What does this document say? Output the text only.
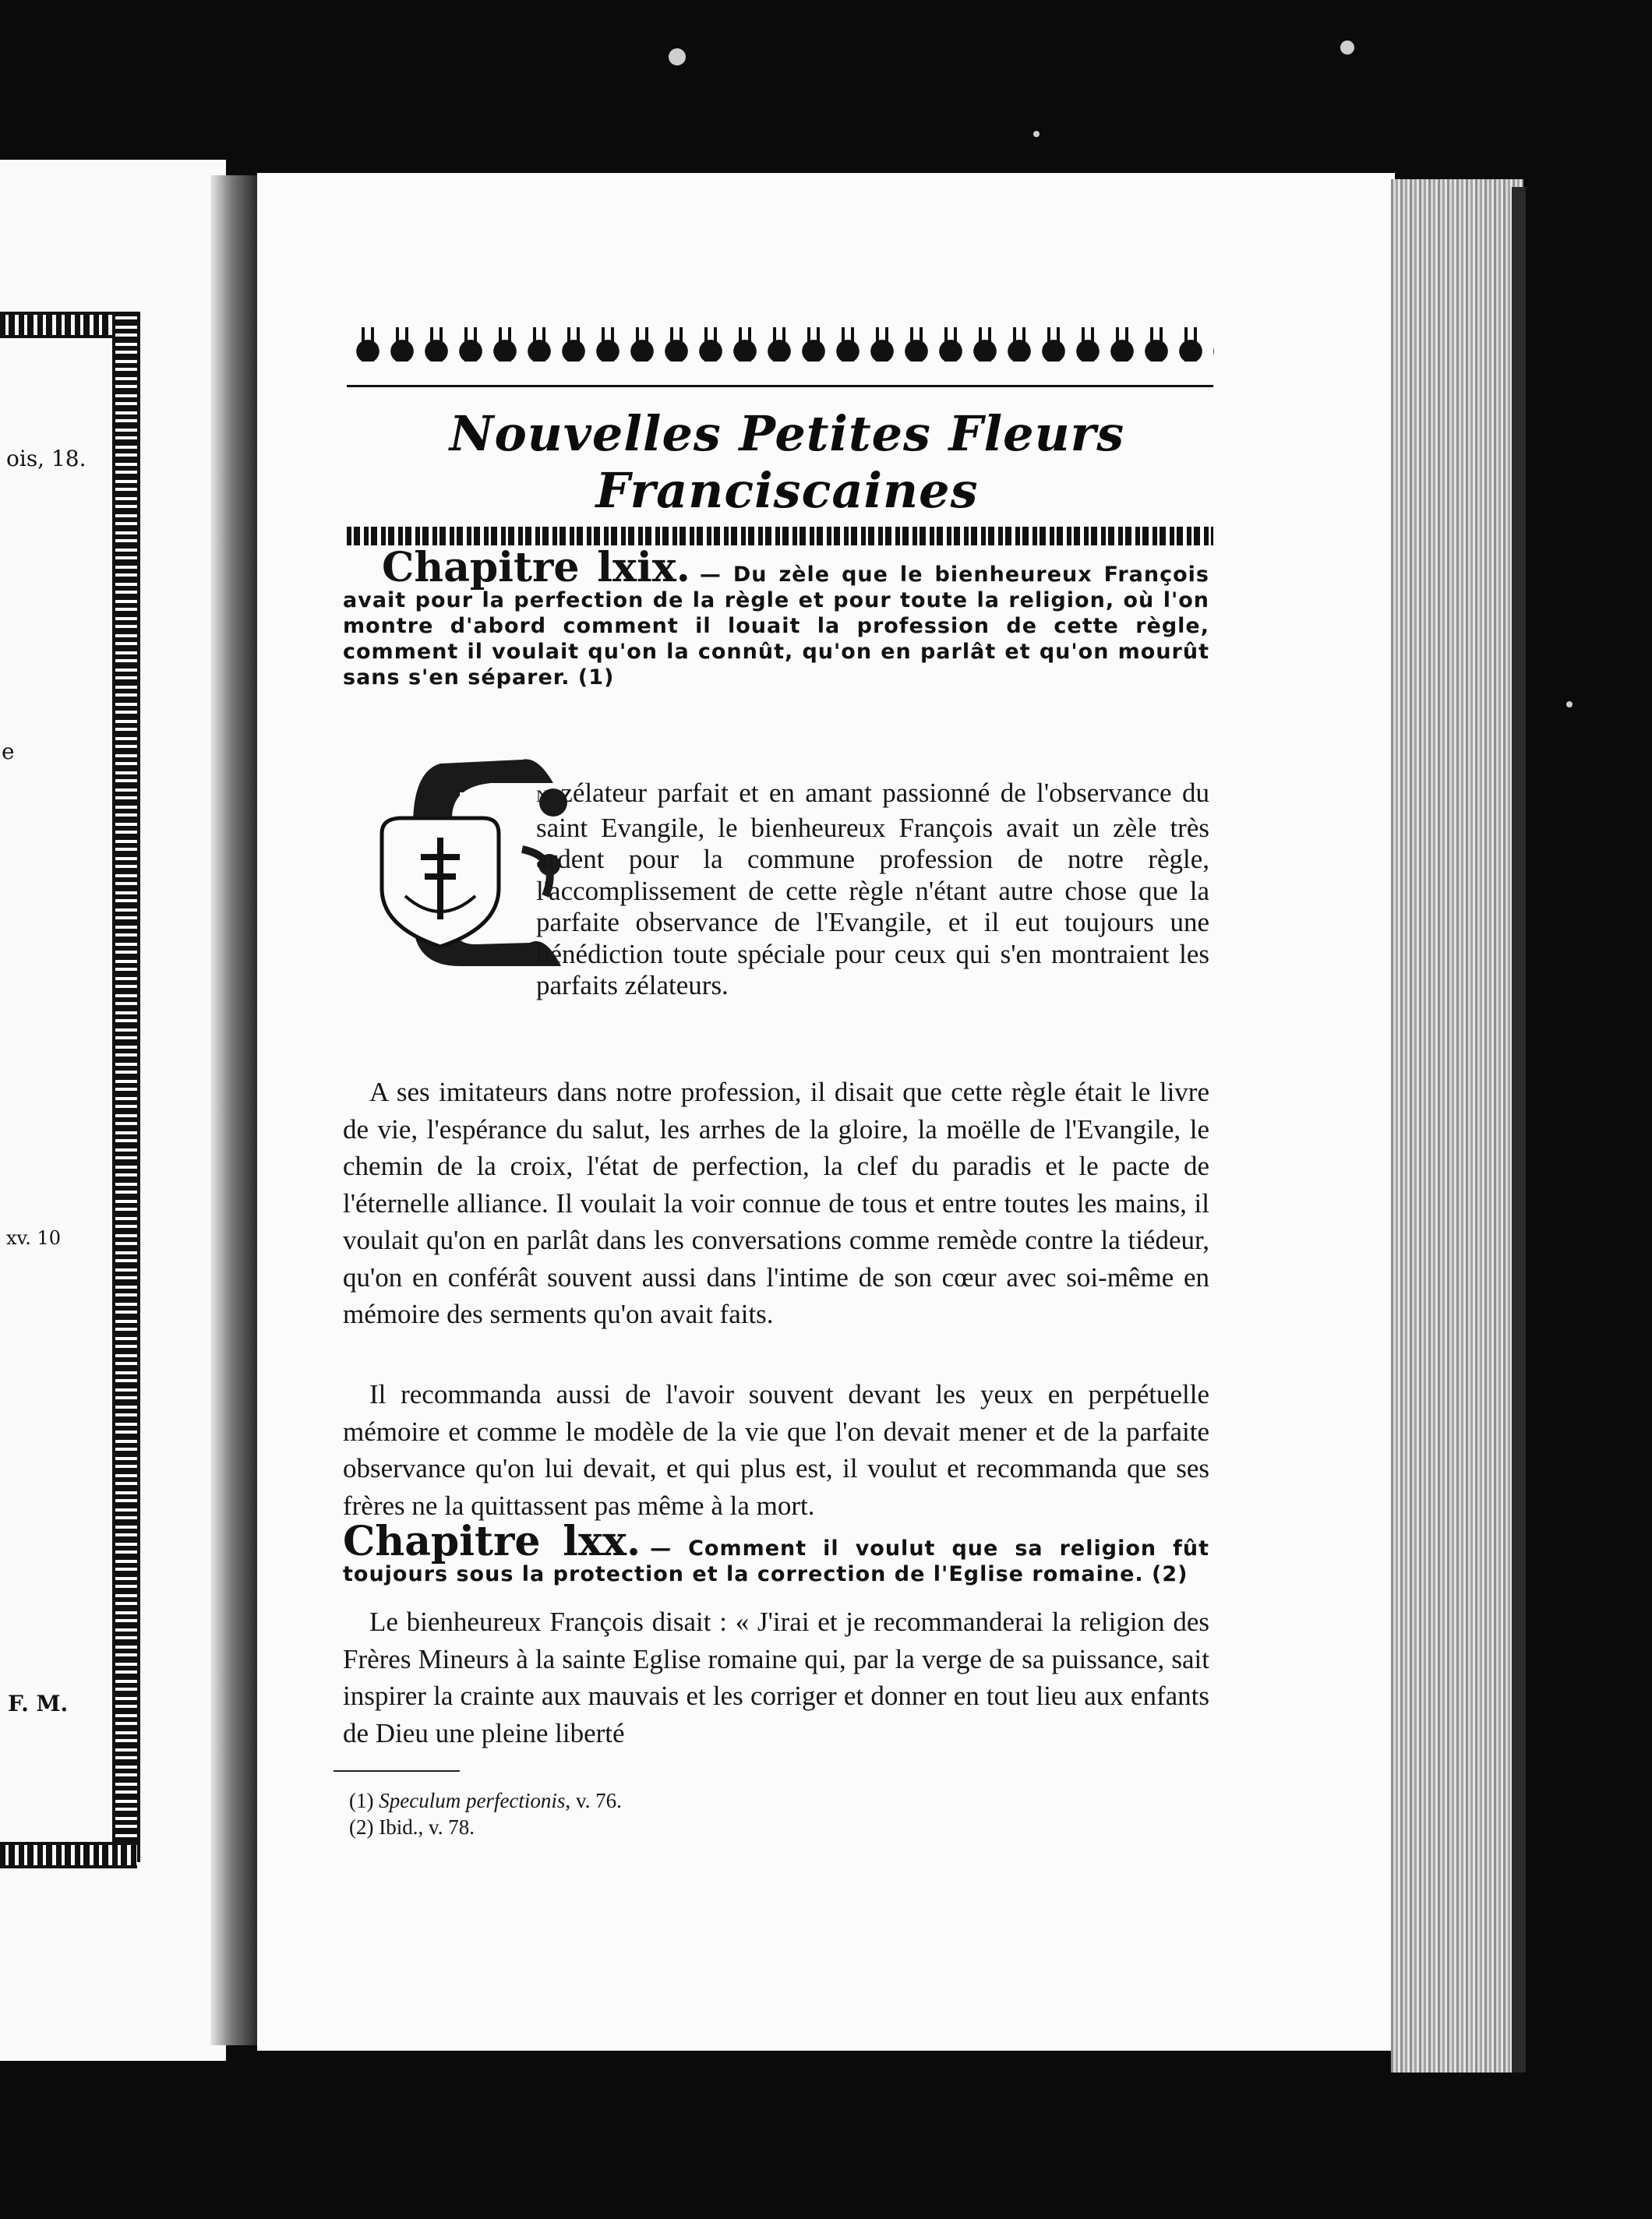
ois, 18.
e
xv. 10
F. M.
Nouvelles Petites Fleurs Franciscaines
Chapitre lxix. — Du zèle que le bienheureux François avait pour la perfection de la règle et pour toute la religion, où l'on montre d'abord comment il louait la profession de cette règle, comment il voulait qu'on la connût, qu'on en parlât et qu'on mourût sans s'en séparer. (1)
N zélateur parfait et en amant passionné de l'observance du saint Evangile, le bienheureux François avait un zèle très ardent pour la commune profession de notre règle, l'accomplissement de cette règle n'étant autre chose que la parfaite observance de l'Evangile, et il eut toujours une bénédiction toute spéciale pour ceux qui s'en montraient les parfaits zélateurs.
A ses imitateurs dans notre profession, il disait que cette règle était le livre de vie, l'espérance du salut, les arrhes de la gloire, la moëlle de l'Evangile, le chemin de la croix, l'état de perfection, la clef du paradis et le pacte de l'éternelle alliance. Il voulait la voir connue de tous et entre toutes les mains, il voulait qu'on en parlât dans les conversations comme remède contre la tiédeur, qu'on en conférât souvent aussi dans l'intime de son cœur avec soi-même en mémoire des serments qu'on avait faits.
Il recommanda aussi de l'avoir souvent devant les yeux en perpétuelle mémoire et comme le modèle de la vie que l'on devait mener et de la parfaite observance qu'on lui devait, et qui plus est, il voulut et recommanda que ses frères ne la quittassent pas même à la mort.
Chapitre lxx. — Comment il voulut que sa religion fût toujours sous la protection et la correction de l'Eglise romaine. (2)
Le bienheureux François disait : « J'irai et je recommanderai la religion des Frères Mineurs à la sainte Eglise romaine qui, par la verge de sa puissance, sait inspirer la crainte aux mauvais et les corriger et donner en tout lieu aux enfants de Dieu une pleine liberté
(1) Speculum perfectionis, v. 76.
(2) Ibid., v. 78.
